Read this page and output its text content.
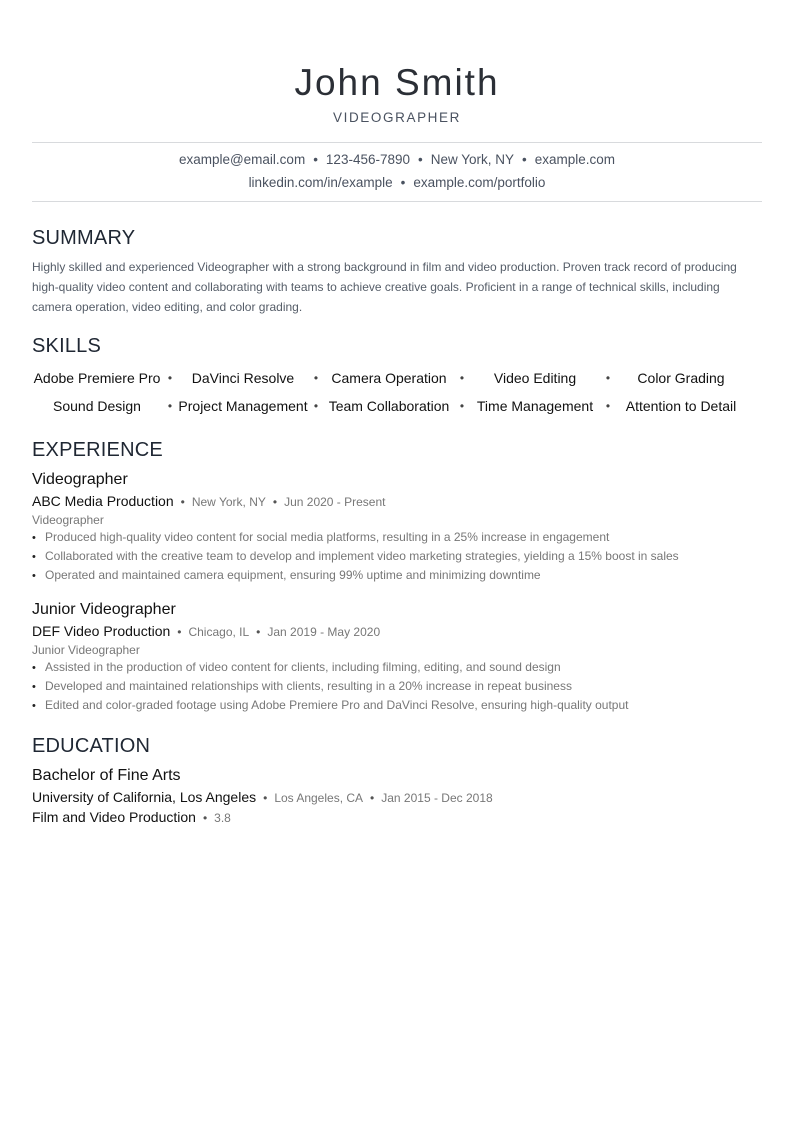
John Smith
VIDEOGRAPHER
example@email.com • 123-456-7890 • New York, NY • example.com
linkedin.com/in/example • example.com/portfolio
SUMMARY
Highly skilled and experienced Videographer with a strong background in film and video production. Proven track record of producing high-quality video content and collaborating with teams to achieve creative goals. Proficient in a range of technical skills, including camera operation, video editing, and color grading.
SKILLS
Adobe Premiere Pro •	DaVinci Resolve	• Camera Operation	•	Video Editing	•	Color Grading
Sound Design	• Project Management • Team Collaboration • Time Management	•	Attention to Detail
EXPERIENCE
Videographer
ABC Media Production • New York, NY • Jun 2020 - Present
Videographer
• Produced high-quality video content for social media platforms, resulting in a 25% increase in engagement
• Collaborated with the creative team to develop and implement video marketing strategies, yielding a 15% boost in sales
• Operated and maintained camera equipment, ensuring 99% uptime and minimizing downtime
Junior Videographer
DEF Video Production • Chicago, IL • Jan 2019 - May 2020
Junior Videographer
• Assisted in the production of video content for clients, including filming, editing, and sound design
• Developed and maintained relationships with clients, resulting in a 20% increase in repeat business
• Edited and color-graded footage using Adobe Premiere Pro and DaVinci Resolve, ensuring high-quality output
EDUCATION
Bachelor of Fine Arts
University of California, Los Angeles • Los Angeles, CA • Jan 2015 - Dec 2018
Film and Video Production • 3.8
